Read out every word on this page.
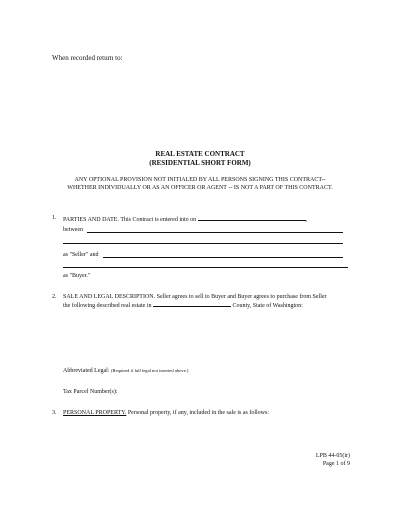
When recorded return to:
REAL ESTATE CONTRACT
(RESIDENTIAL SHORT FORM)
ANY OPTIONAL PROVISION NOT INITIALED BY ALL PERSONS SIGNING THIS CONTRACT--
WHETHER INDIVIDUALLY OR AS AN OFFICER OR AGENT -- IS NOT A PART OF THIS CONTRACT.
1. PARTIES AND DATE. This Contract is entered into on	,
between
as "Seller" and
as "Buyer."
2. SALE AND LEGAL DESCRIPTION. Seller agrees to sell to Buyer and Buyer agrees to purchase from Seller
the following described real estate in	County, State of Washington:
Abbreviated Legal: (Required if full legal not inserted above.)
Tax Parcel Number(s):
3. PERSONAL PROPERTY. Personal property, if any, included in the sale is as follows:
LPB 44-05(ir)
Page 1 of 9
